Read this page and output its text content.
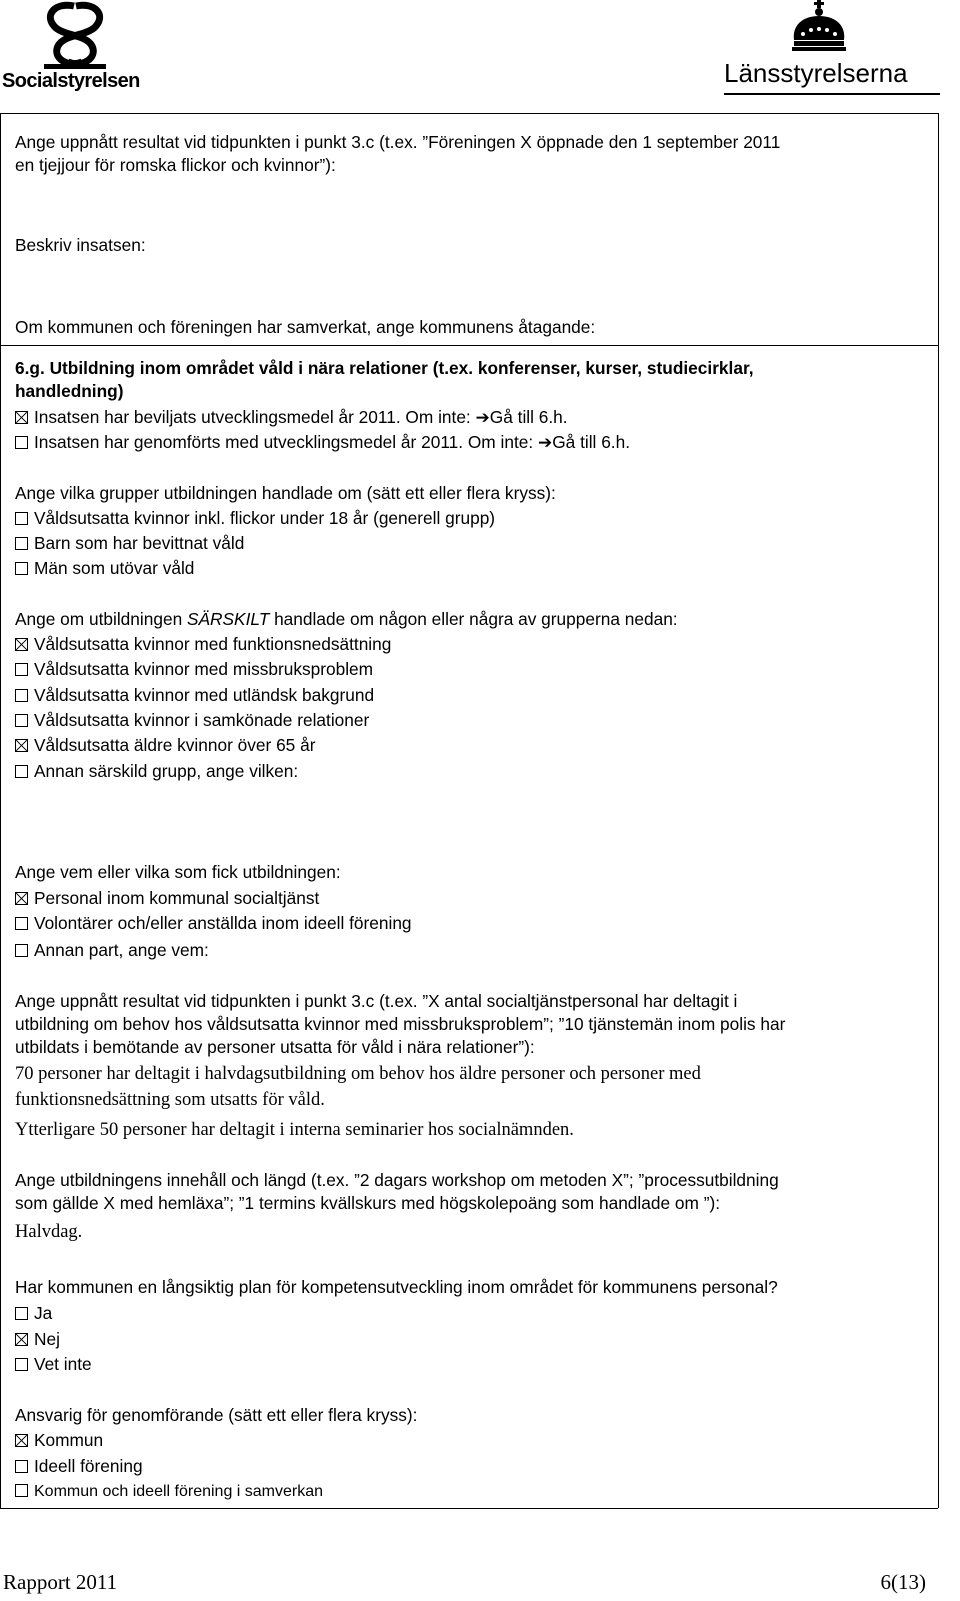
Socialstyrelsen	Länsstyrelserna
Ange uppnått resultat vid tidpunkten i punkt 3.c (t.ex. ”Föreningen X öppnade den 1 september 2011
en tjejjour för romska flickor och kvinnor”):
Beskriv insatsen:
Om kommunen och föreningen har samverkat, ange kommunens åtagande:
6.g. Utbildning inom området våld i nära relationer (t.ex. konferenser, kurser, studiecirklar,
handledning)
Insatsen har beviljats utvecklingsmedel år 2011. Om inte: ➔Gå till 6.h.
Insatsen har genomförts med utvecklingsmedel år 2011. Om inte: ➔Gå till 6.h.
Ange vilka grupper utbildningen handlade om (sätt ett eller flera kryss):
Våldsutsatta kvinnor inkl. flickor under 18 år (generell grupp)
Barn som har bevittnat våld
Män som utövar våld
Ange om utbildningen SÄRSKILT handlade om någon eller några av grupperna nedan:
Våldsutsatta kvinnor med funktionsnedsättning
Våldsutsatta kvinnor med missbruksproblem
Våldsutsatta kvinnor med utländsk bakgrund
Våldsutsatta kvinnor i samkönade relationer
Våldsutsatta äldre kvinnor över 65 år
Annan särskild grupp, ange vilken:
Ange vem eller vilka som fick utbildningen:
Personal inom kommunal socialtjänst
Volontärer och/eller anställda inom ideell förening
Annan part, ange vem:
Ange uppnått resultat vid tidpunkten i punkt 3.c (t.ex. ”X antal socialtjänstpersonal har deltagit i
utbildning om behov hos våldsutsatta kvinnor med missbruksproblem”; ”10 tjänstemän inom polis har
utbildats i bemötande av personer utsatta för våld i nära relationer”):
70 personer har deltagit i halvdagsutbildning om behov hos äldre personer och personer med
funktionsnedsättning som utsatts för våld.
Ytterligare 50 personer har deltagit i interna seminarier hos socialnämnden.
Ange utbildningens innehåll och längd (t.ex. ”2 dagars workshop om metoden X”; ”processutbildning
som gällde X med hemläxa”; ”1 termins kvällskurs med högskolepoäng som handlade om ”):
Halvdag.
Har kommunen en långsiktig plan för kompetensutveckling inom området för kommunens personal?
Ja
Nej
Vet inte
Ansvarig för genomförande (sätt ett eller flera kryss):
Kommun
Ideell förening
Kommun och ideell förening i samverkan
Rapport 2011	6(13)
